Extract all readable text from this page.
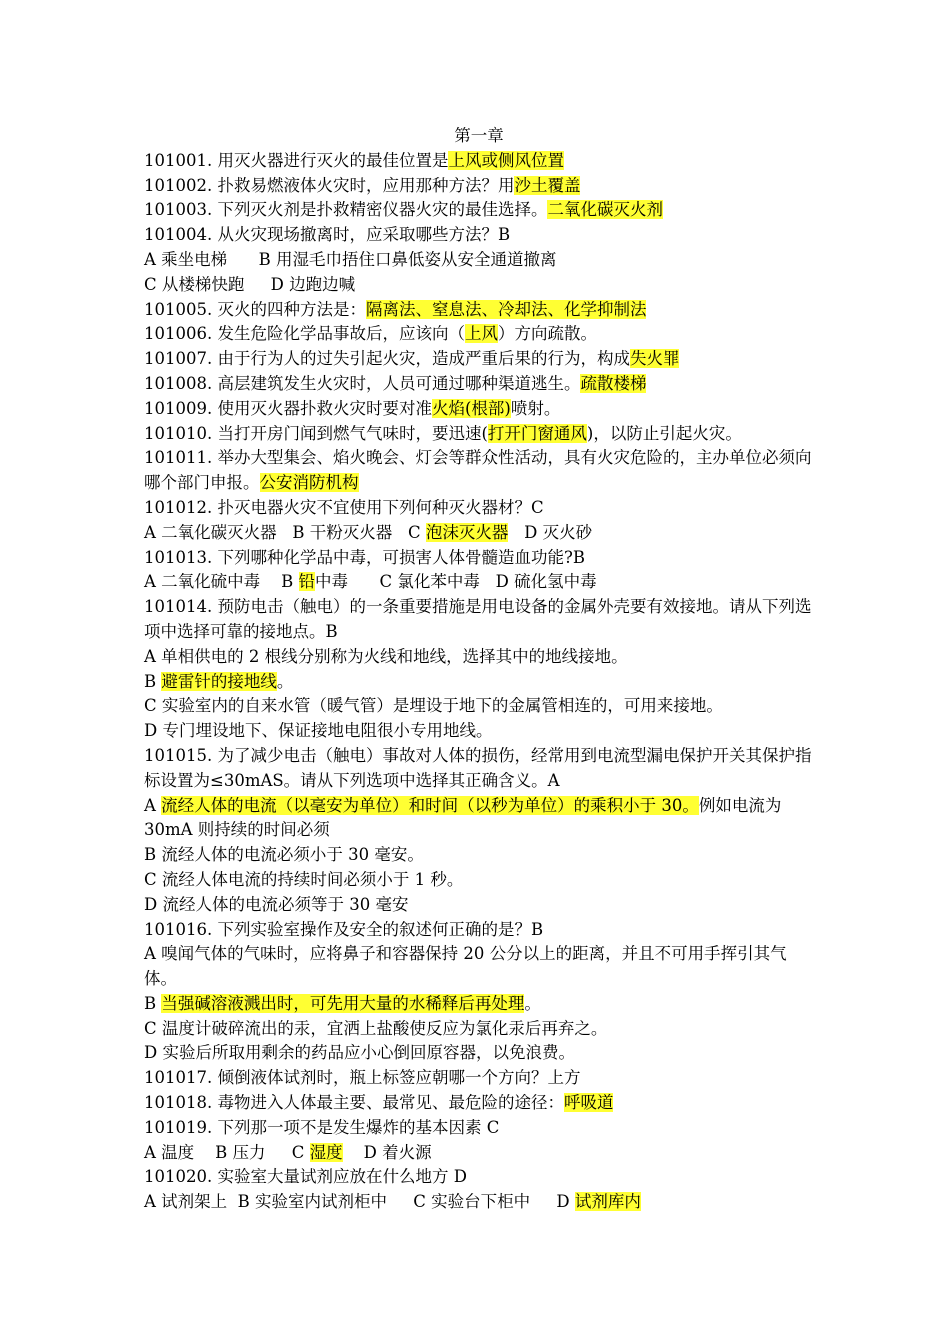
第一章
101001. 用灭火器进行灭火的最佳位置是上风或侧风位置
101002. 扑救易燃液体火灾时，应用那种方法？用沙土覆盖
101003. 下列灭火剂是扑救精密仪器火灾的最佳选择。二氧化碳灭火剂
101004. 从火灾现场撤离时，应采取哪些方法？B
A 乘坐电梯      B 用湿毛巾捂住口鼻低姿从安全通道撤离
C 从楼梯快跑     D 边跑边喊
101005. 灭火的四种方法是：隔离法、窒息法、冷却法、化学抑制法
101006. 发生危险化学品事故后，应该向（上风）方向疏散。
101007. 由于行为人的过失引起火灾，造成严重后果的行为，构成失火罪
101008. 高层建筑发生火灾时，人员可通过哪种渠道逃生。疏散楼梯
101009. 使用灭火器扑救火灾时要对准火焰(根部)喷射。
101010. 当打开房门闻到燃气气味时，要迅速(打开门窗通风)，以防止引起火灾。
101011. 举办大型集会、焰火晚会、灯会等群众性活动，具有火灾危险的，主办单位必须向哪个部门申报。公安消防机构
101012. 扑灭电器火灾不宜使用下列何种灭火器材？C
A 二氧化碳灭火器   B 干粉灭火器   C 泡沫灭火器   D 灭火砂
101013. 下列哪种化学品中毒，可损害人体骨髓造血功能?B
A 二氧化硫中毒    B 铅中毒      C 氯化苯中毒   D 硫化氢中毒
101014. 预防电击（触电）的一条重要措施是用电设备的金属外壳要有效接地。请从下列选项中选择可靠的接地点。B
A 单相供电的 2 根线分别称为火线和地线，选择其中的地线接地。
B 避雷针的接地线。
C 实验室内的自来水管（暖气管）是埋设于地下的金属管相连的，可用来接地。
D 专门埋设地下、保证接地电阻很小专用地线。
101015. 为了减少电击（触电）事故对人体的损伤，经常用到电流型漏电保护开关其保护指标设置为≤30mAS。请从下列选项中选择其正确含义。A
A 流经人体的电流（以毫安为单位）和时间（以秒为单位）的乘积小于 30。例如电流为 30mA 则持续的时间必须
B 流经人体的电流必须小于 30 毫安。
C 流经人体电流的持续时间必须小于 1 秒。
D 流经人体的电流必须等于 30 毫安
101016. 下列实验室操作及安全的叙述何正确的是？B
A 嗅闻气体的气味时，应将鼻子和容器保持 20 公分以上的距离，并且不可用手挥引其气体。
B 当强碱溶液溅出时，可先用大量的水稀释后再处理。
C 温度计破碎流出的汞，宜洒上盐酸使反应为氯化汞后再弃之。
D 实验后所取用剩余的药品应小心倒回原容器，以免浪费。
101017. 倾倒液体试剂时，瓶上标签应朝哪一个方向？上方
101018. 毒物进入人体最主要、最常见、最危险的途径：呼吸道
101019. 下列那一项不是发生爆炸的基本因素 C
A 温度    B 压力     C 湿度    D 着火源
101020. 实验室大量试剂应放在什么地方 D
A 试剂架上  B 实验室内试剂柜中     C 实验台下柜中     D 试剂库内
